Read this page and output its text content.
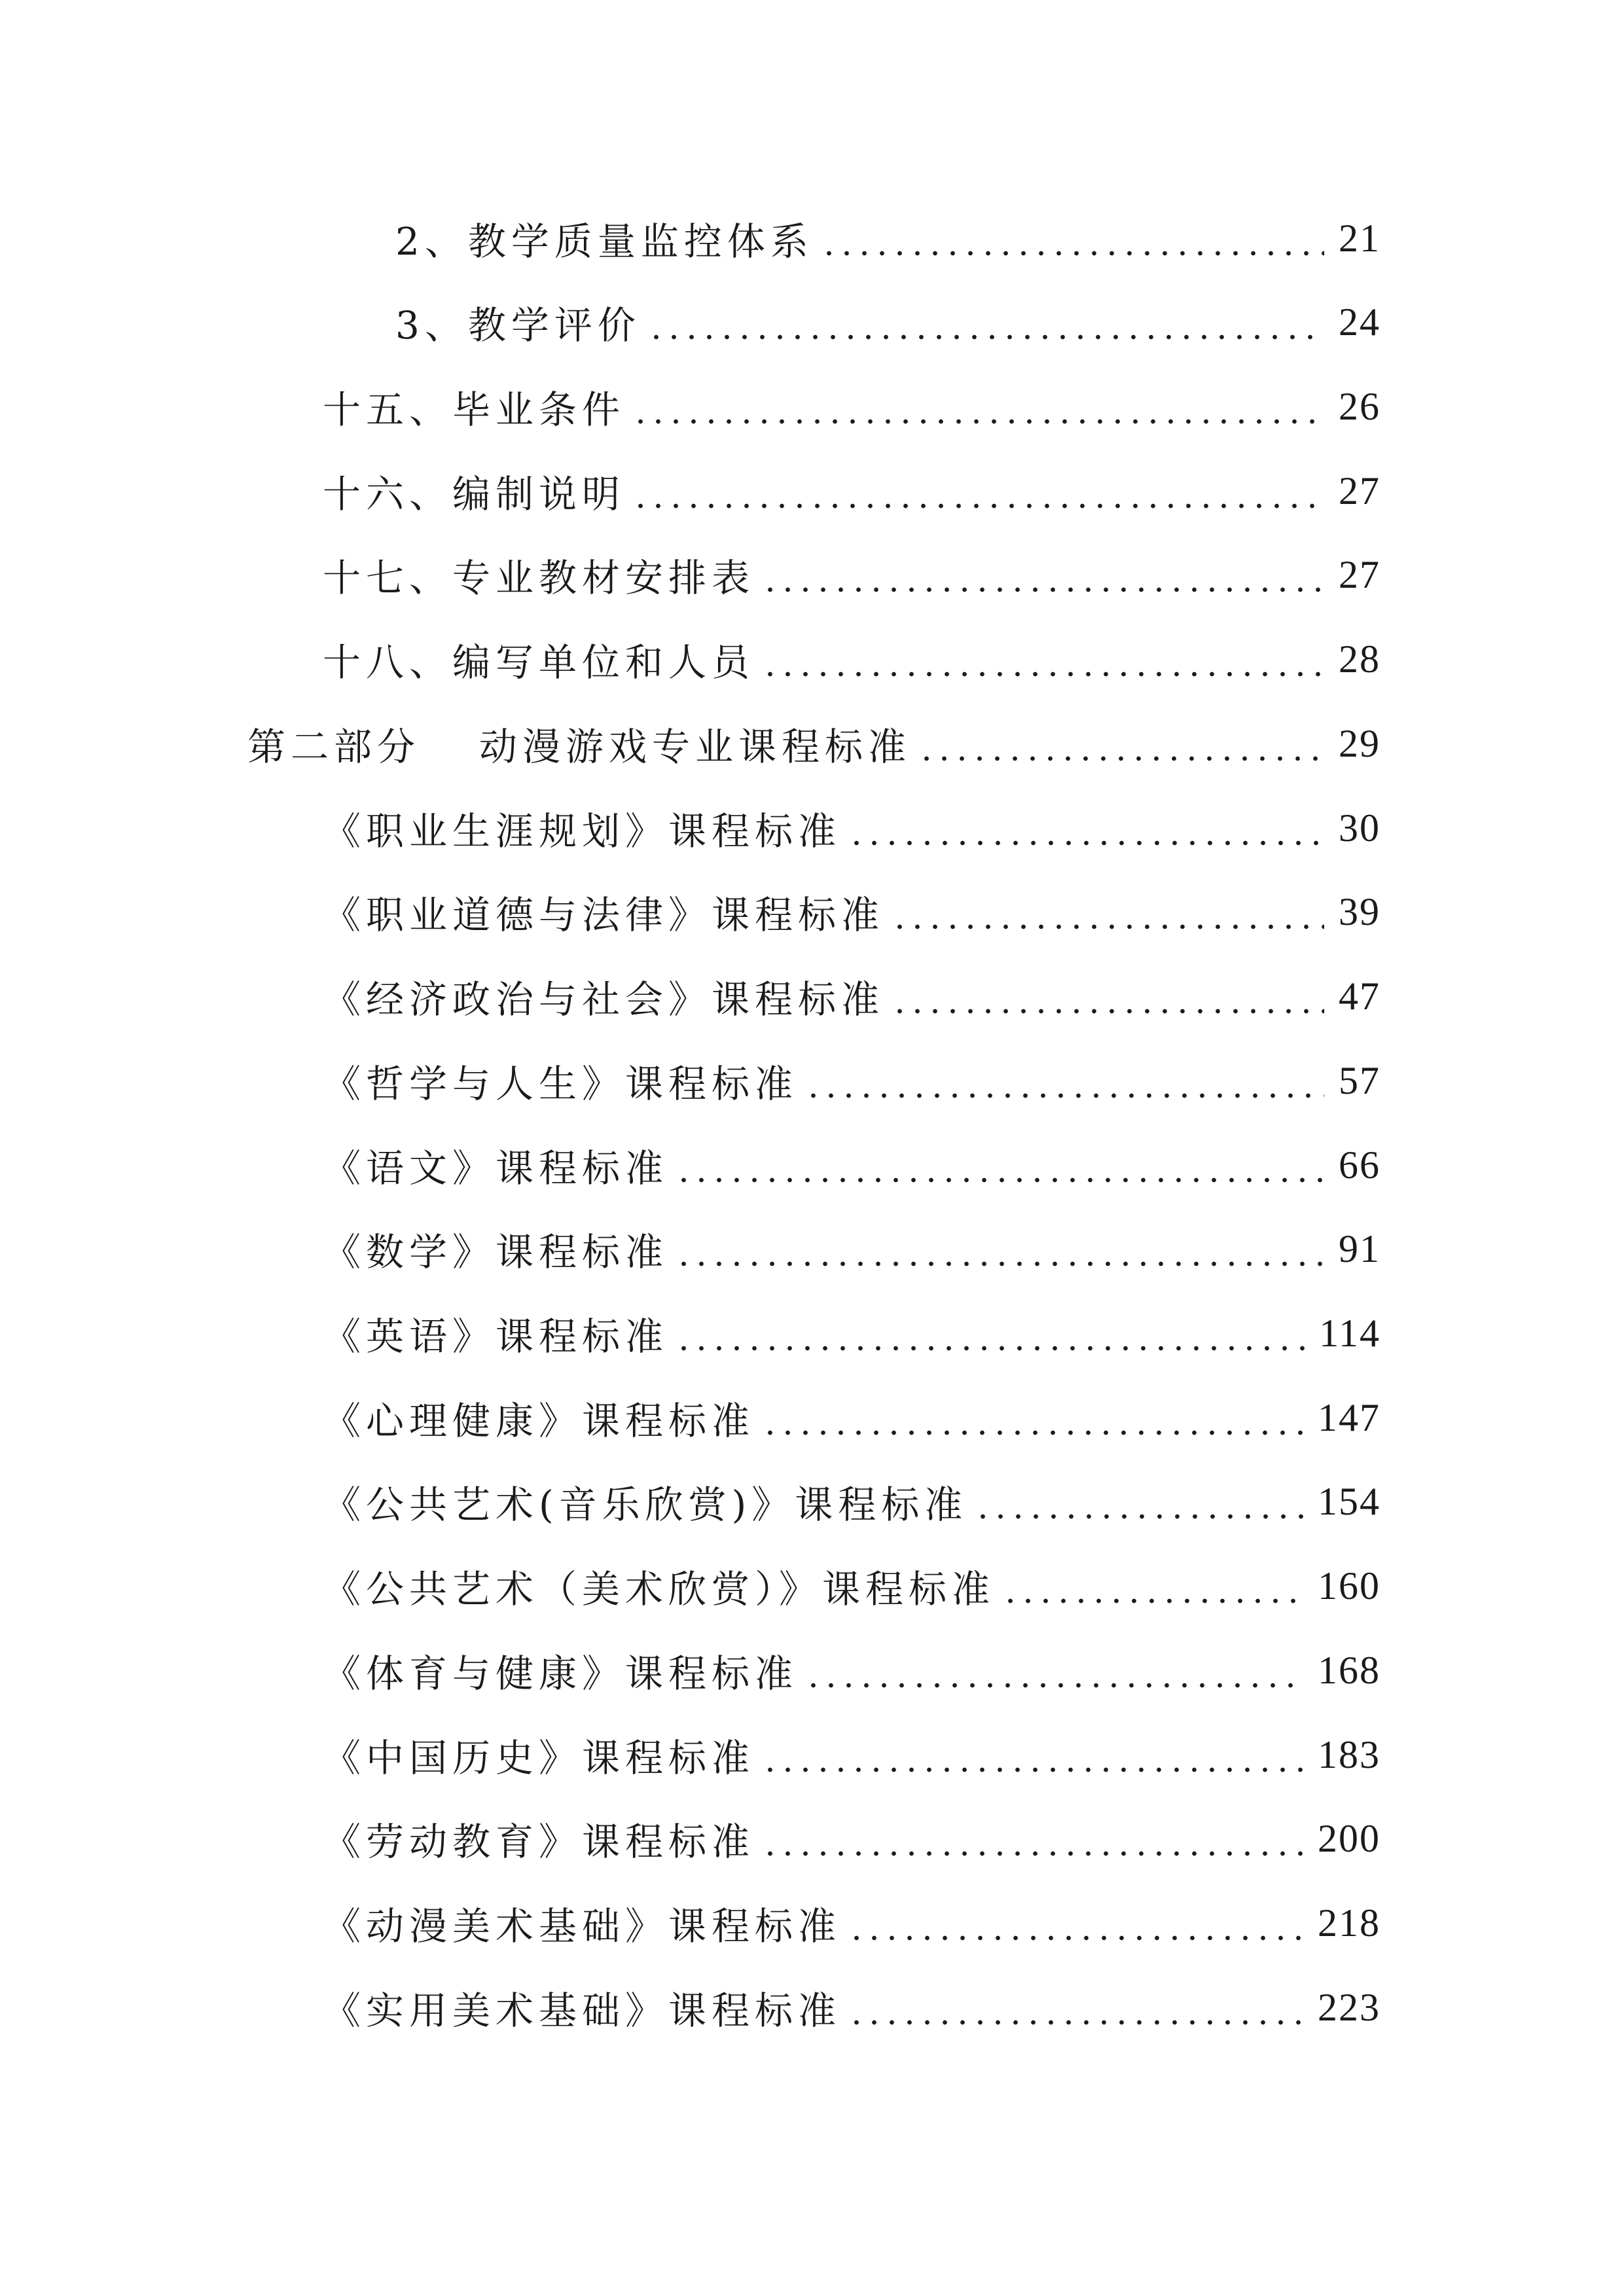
2、教学质量监控体系	21
3、教学评价	24
十五、毕业条件	26
十六、编制说明	27
十七、专业教材安排表	27
十八、编写单位和人员	28
第二部分 动漫游戏专业课程标准	29
《职业生涯规划》课程标准	30
《职业道德与法律》课程标准	39
《经济政治与社会》课程标准	47
《哲学与人生》课程标准	57
《语文》课程标准	66
《数学》课程标准	91
《英语》课程标准	114
《心理健康》课程标准	147
《公共艺术(音乐欣赏)》课程标准	154
《公共艺术（美术欣赏）》课程标准	160
《体育与健康》课程标准	168
《中国历史》课程标准	183
《劳动教育》课程标准	200
《动漫美术基础》课程标准	218
《实用美术基础》课程标准	223
